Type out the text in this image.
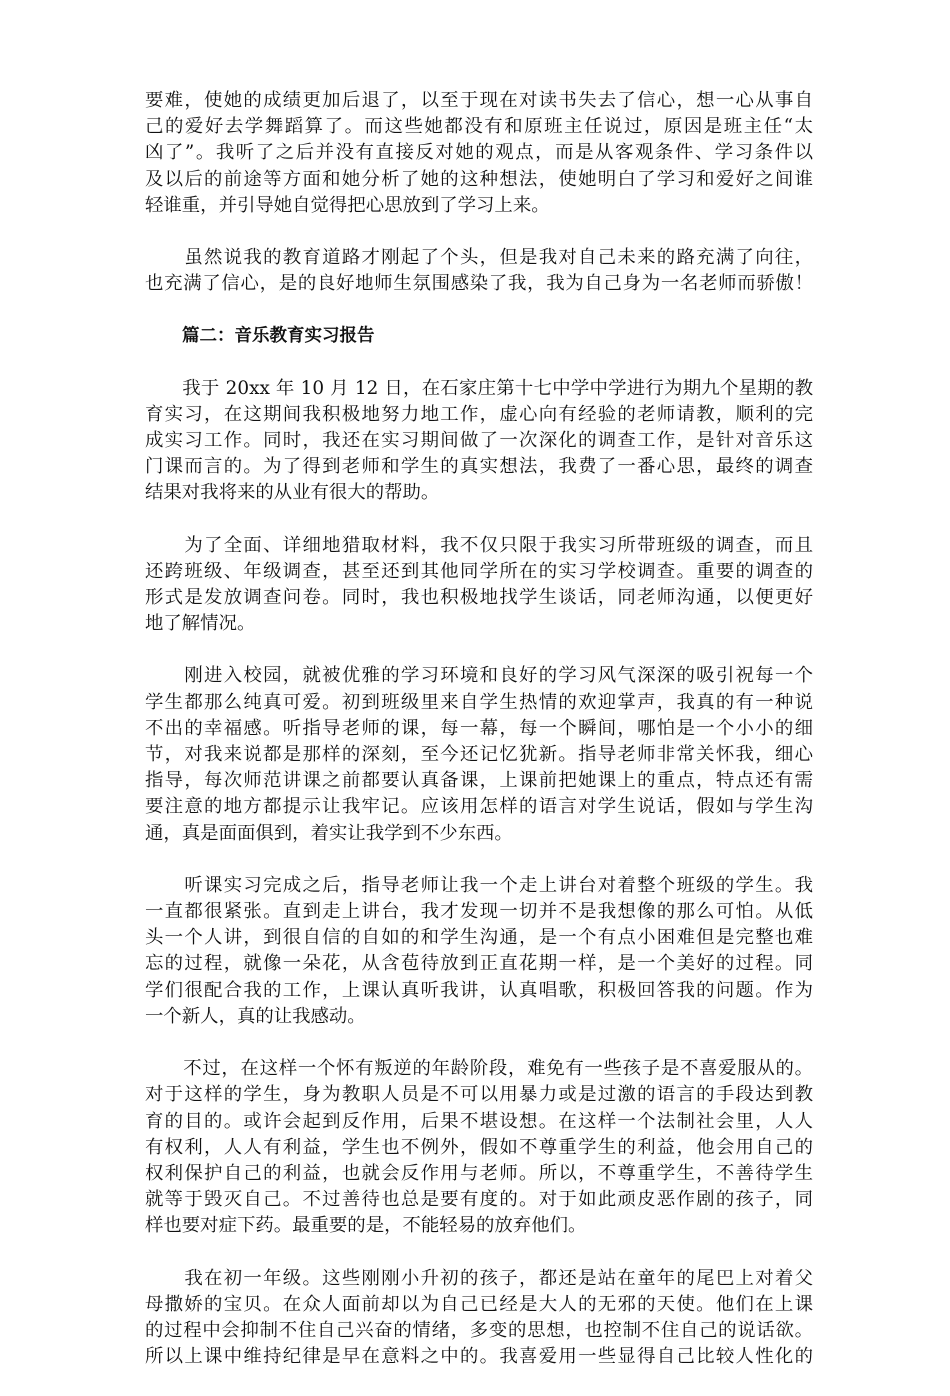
要难，使她的成绩更加后退了，以至于现在对读书失去了信心，想一心从事自
己的爱好去学舞蹈算了。而这些她都没有和原班主任说过，原因是班主任“太
凶了”。我听了之后并没有直接反对她的观点，而是从客观条件、学习条件以
及以后的前途等方面和她分析了她的这种想法，使她明白了学习和爱好之间谁
轻谁重，并引导她自觉得把心思放到了学习上来。
　　虽然说我的教育道路才刚起了个头，但是我对自己未来的路充满了向往，
也充满了信心，是的良好地师生氛围感染了我，我为自己身为一名老师而骄傲！
篇二：音乐教育实习报告
　　我于 20xx 年 10 月 12 日，在石家庄第十七中学中学进行为期九个星期的教
育实习，在这期间我积极地努力地工作，虚心向有经验的老师请教，顺利的完
成实习工作。同时，我还在实习期间做了一次深化的调查工作，是针对音乐这
门课而言的。为了得到老师和学生的真实想法，我费了一番心思，最终的调查
结果对我将来的从业有很大的帮助。
　　为了全面、详细地猎取材料，我不仅只限于我实习所带班级的调查，而且
还跨班级、年级调查，甚至还到其他同学所在的实习学校调查。重要的调查的
形式是发放调查问卷。同时，我也积极地找学生谈话，同老师沟通，以便更好
地了解情况。
　　刚进入校园，就被优雅的学习环境和良好的学习风气深深的吸引祝每一个
学生都那么纯真可爱。初到班级里来自学生热情的欢迎掌声，我真的有一种说
不出的幸福感。听指导老师的课，每一幕，每一个瞬间，哪怕是一个小小的细
节，对我来说都是那样的深刻，至今还记忆犹新。指导老师非常关怀我，细心
指导，每次师范讲课之前都要认真备课，上课前把她课上的重点，特点还有需
要注意的地方都提示让我牢记。应该用怎样的语言对学生说话，假如与学生沟
通，真是面面俱到，着实让我学到不少东西。
　　听课实习完成之后，指导老师让我一个走上讲台对着整个班级的学生。我
一直都很紧张。直到走上讲台，我才发现一切并不是我想像的那么可怕。从低
头一个人讲，到很自信的自如的和学生沟通，是一个有点小困难但是完整也难
忘的过程，就像一朵花，从含苞待放到正直花期一样，是一个美好的过程。同
学们很配合我的工作，上课认真听我讲，认真唱歌，积极回答我的问题。作为
一个新人，真的让我感动。
　　不过，在这样一个怀有叛逆的年龄阶段，难免有一些孩子是不喜爱服从的。
对于这样的学生，身为教职人员是不可以用暴力或是过激的语言的手段达到教
育的目的。或许会起到反作用，后果不堪设想。在这样一个法制社会里，人人
有权利，人人有利益，学生也不例外，假如不尊重学生的利益，他会用自己的
权利保护自己的利益，也就会反作用与老师。所以，不尊重学生，不善待学生
就等于毁灭自己。不过善待也总是要有度的。对于如此顽皮恶作剧的孩子，同
样也要对症下药。最重要的是，不能轻易的放弃他们。
　　我在初一年级。这些刚刚小升初的孩子，都还是站在童年的尾巴上对着父
母撒娇的宝贝。在众人面前却以为自己已经是大人的无邪的天使。他们在上课
的过程中会抑制不住自己兴奋的情绪，多变的思想，也控制不住自己的说话欲。
所以上课中维持纪律是早在意料之中的。我喜爱用一些显得自己比较人性化的
